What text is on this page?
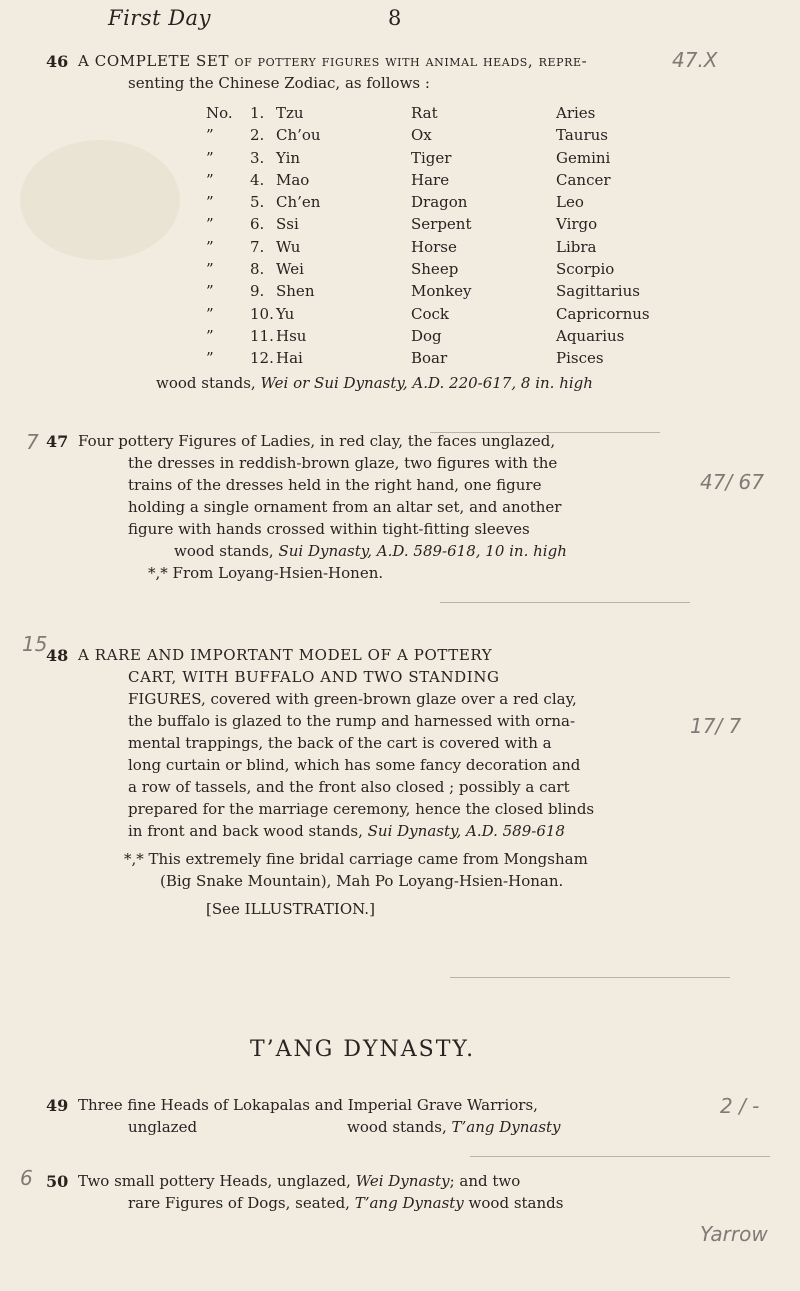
First Day	8
46 A COMPLETE SET of pottery figures with animal heads, repre-

senting the Chinese Zodiac, as follows :

47.X
No.	1. Tzu	Rat	Aries
”	2. Ch’ou	Ox	Taurus
”	3. Yin	Tiger	Gemini
”	4. Mao	Hare	Cancer
”	5. Ch’en	Dragon	Leo
”	6. Ssi	Serpent	Virgo
”	7. Wu	Horse	Libra
”	8. Wei	Sheep	Scorpio
”	9. Shen	Monkey	Sagittarius
”	10. Yu	Cock	Capricornus
”	11. Hsu	Dog	Aquarius
”	12. Hai	Boar	Pisces

wood stands, Wei or Sui Dynasty, A.D. 220-617, 8 in. high

7 47 Four pottery Figures of Ladies, in red clay, the faces unglazed,

the dresses in reddish-brown glaze, two figures with the

trains of the dresses held in the right hand, one figure

holding a single ornament from an altar set, and another

figure with hands crossed within tight-fitting sleeves

wood stands, Sui Dynasty, A.D. 589-618, 10 in. high

*,* From Loyang-Hsien-Honen.

47/ 67
15
48 A RARE AND IMPORTANT MODEL OF A POTTERY

CART, WITH BUFFALO AND TWO STANDING

FIGURES, covered with green-brown glaze over a red clay,

the buffalo is glazed to the rump and harnessed with orna-

mental trappings, the back of the cart is covered with a

long curtain or blind, which has some fancy decoration and

a row of tassels, and the front also closed ; possibly a cart

prepared for the marriage ceremony, hence the closed blinds

in front and back wood stands, Sui Dynasty, A.D. 589-618

*,* This extremely fine bridal carriage came from Mongsham

(Big Snake Mountain), Mah Po Loyang-Hsien-Honan.

[See ILLUSTRATION.]

17/ 7
T’ANG DYNASTY.
49 Three fine Heads of Lokapalas and Imperial Grave Warriors,

unglazed	wood stands, T’ang Dynasty

2 / -
6 50 Two small pottery Heads, unglazed, Wei Dynasty; and two

rare Figures of Dogs, seated, T’ang Dynasty wood stands

Yarrow
